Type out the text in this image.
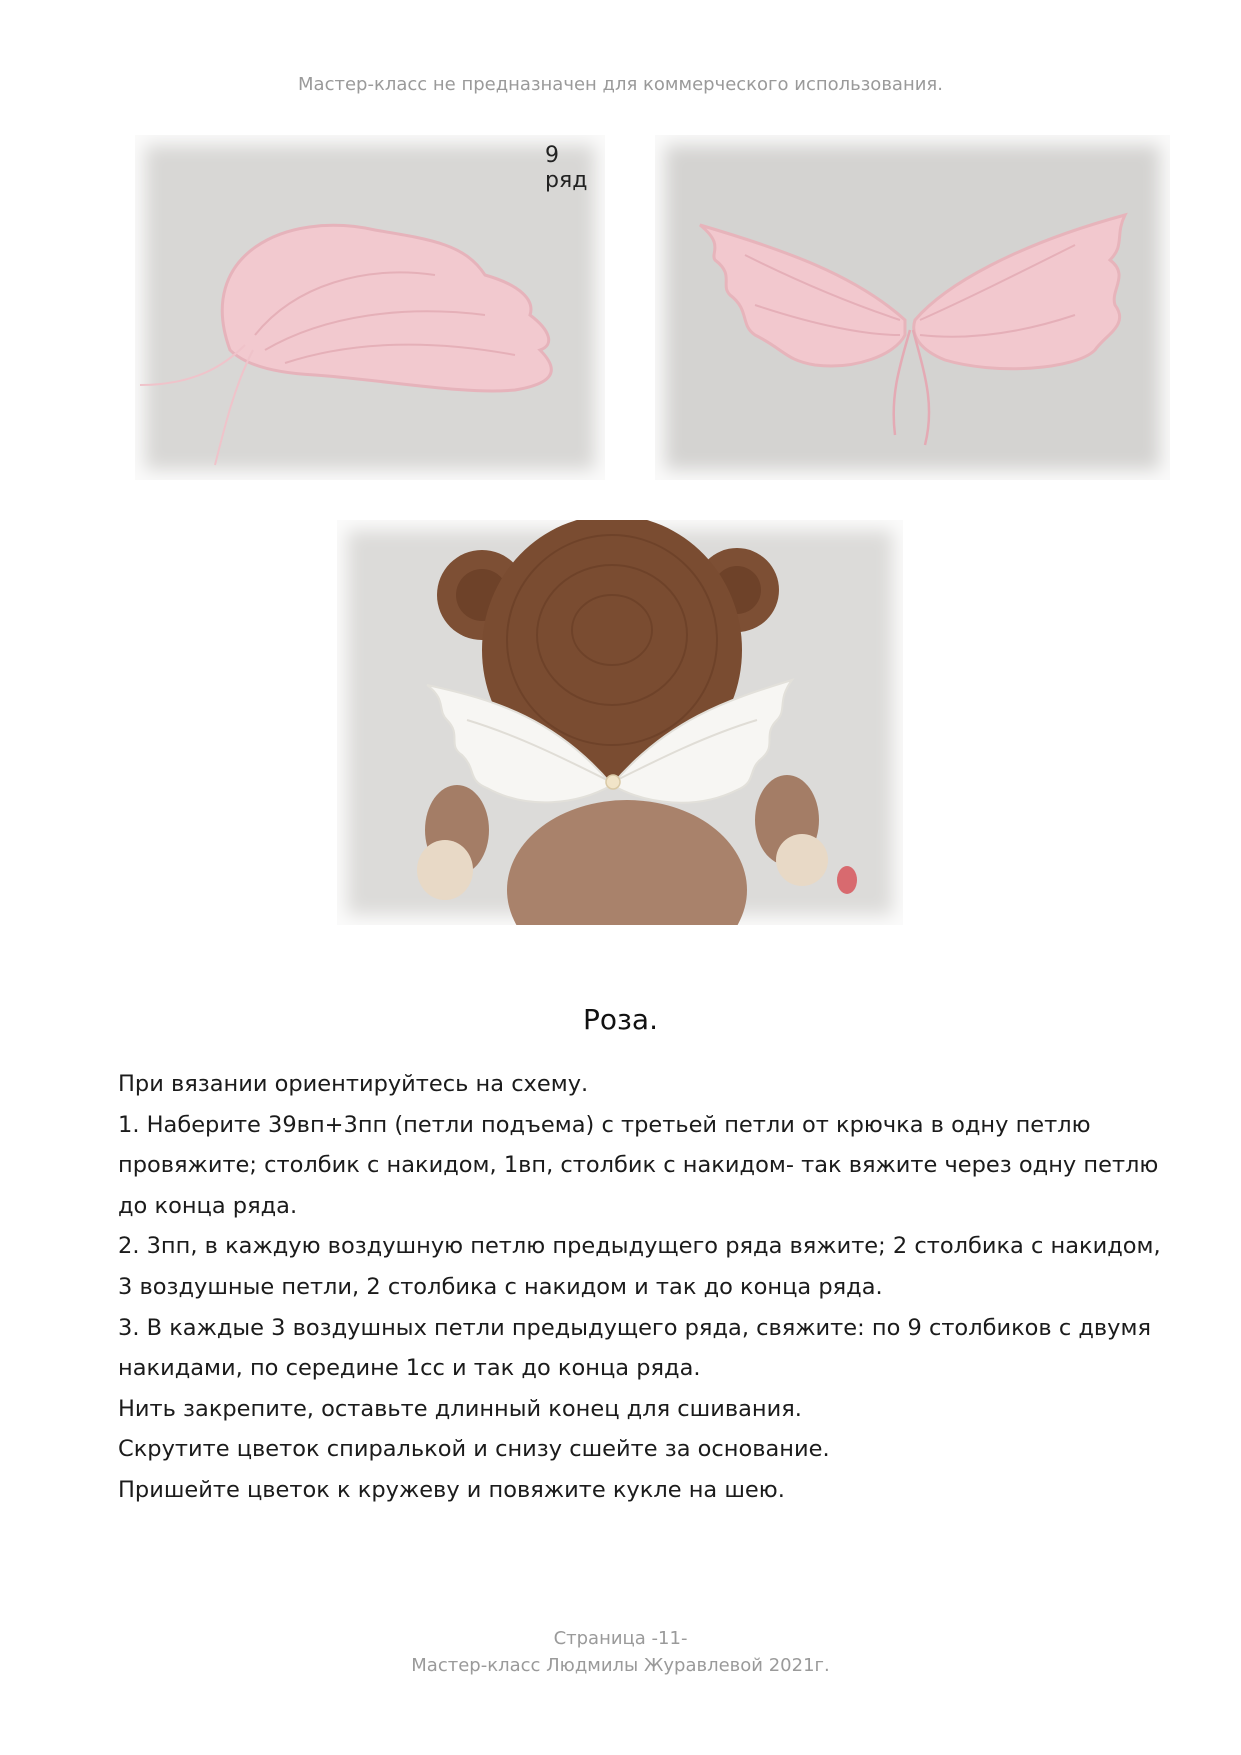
Мастер-класс не предназначен для коммерческого использования.
9 ряд
Роза.

При вязании ориентируйтесь на схему.

1. Наберите 39вп+3пп (петли подъема) с третьей петли от крючка в одну петлю

провяжите; столбик с накидом, 1вп, столбик с накидом- так вяжите через одну петлю

до конца ряда.

2. 3пп, в каждую воздушную петлю предыдущего ряда вяжите; 2 столбика с накидом,

3 воздушные петли, 2 столбика с накидом и так до конца ряда.

3. В каждые 3 воздушных петли предыдущего ряда, свяжите: по 9 столбиков с двумя

накидами, по середине 1сс и так до конца ряда.

Нить закрепите, оставьте длинный конец для сшивания.

Скрутите цветок спиралькой и снизу сшейте за основание.

Пришейте цветок к кружеву и повяжите кукле на шею.

Страница -11-
Мастер-класс Людмилы Журавлевой 2021г.
